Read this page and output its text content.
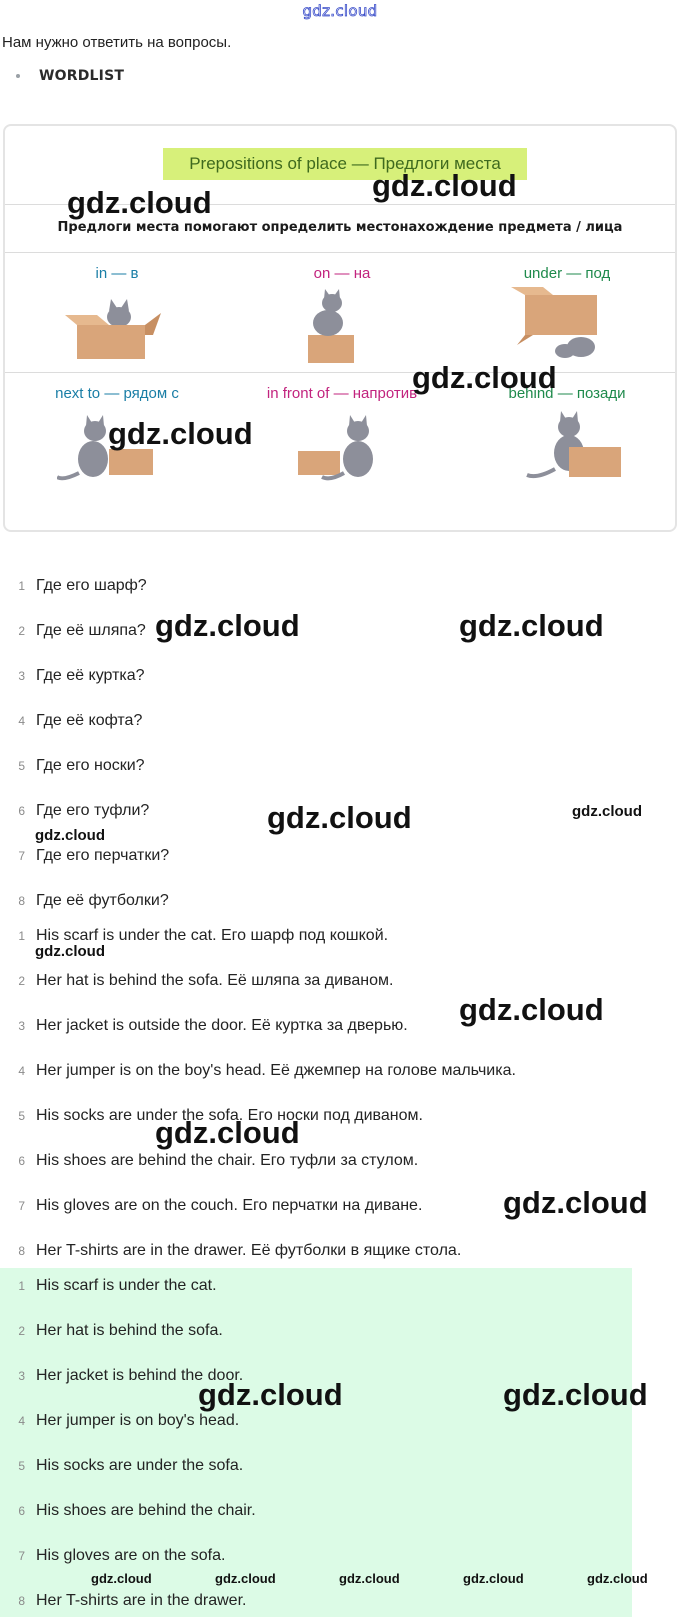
gdz.cloud
Нам нужно ответить на вопросы.
WORDLIST
Prepositions of place — Предлоги места
Предлоги места помогают определить местонахождение предмета / лица
in — в	on — на	under — под
next to — рядом с	in front of — напротив	behind — позади
1 Где его шарф?
2 Где её шляпа?
3 Где её куртка?
4 Где её кофта?
5 Где его носки?
6 Где его туфли?
7 Где его перчатки?
8 Где её футболки?
1 His scarf is under the cat. Его шарф под кошкой.
2 Her hat is behind the sofa. Её шляпа за диваном.
3 Her jacket is outside the door. Её куртка за дверью.
4 Her jumper is on the boy's head. Её джемпер на голове мальчика.
5 His socks are under the sofa. Его носки под диваном.
6 His shoes are behind the chair. Его туфли за стулом.
7 His gloves are on the couch. Его перчатки на диване.
8 Her T-shirts are in the drawer. Её футболки в ящике стола.
1 His scarf is under the cat.
2 Her hat is behind the sofa.
3 Her jacket is behind the door.
4 Her jumper is on boy's head.
5 His socks are under the sofa.
6 His shoes are behind the chair.
7 His gloves are on the sofa.
8 Her T-shirts are in the drawer.
gdz.cloud	gdz.cloud
gdz.cloud
gdz.cloud
gdz.cloud	gdz.cloud
gdz.cloud	gdz.cloud
gdz.cloud
gdz.cloud
gdz.cloud
gdz.cloud
gdz.cloud
gdz.cloud	gdz.cloud
gdz.cloud	gdz.cloud	gdz.cloud	gdz.cloud	gdz.cloud
